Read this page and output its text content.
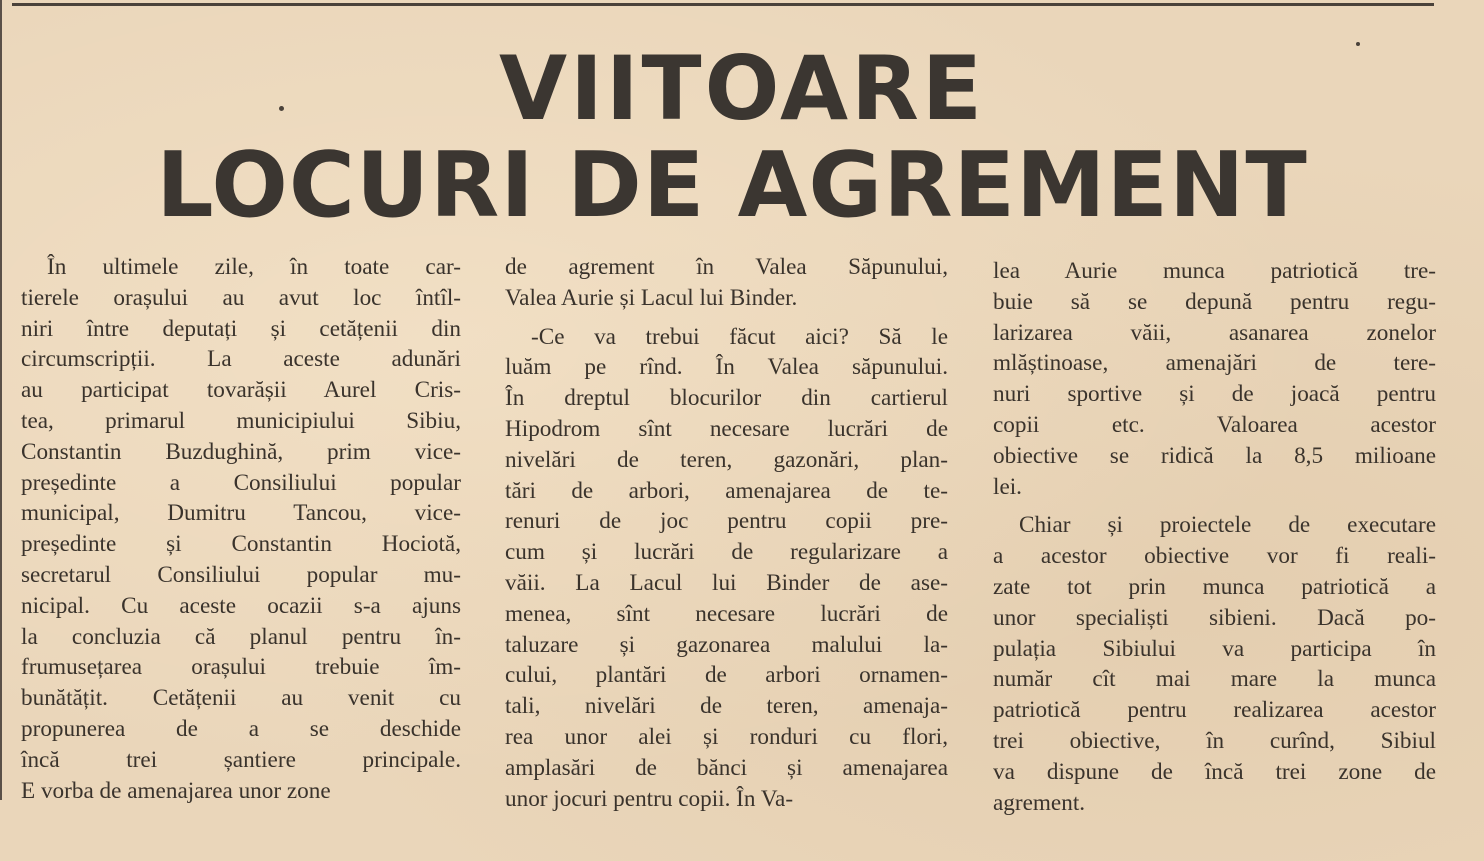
VIITOARE
LOCURI DE AGREMENT
În ultimele zile, în toate car-
tierele orașului au avut loc întîl-
niri între deputați și cetățenii din
circumscripții. La aceste adunări
au participat tovarășii Aurel Cris-
tea, primarul municipiului Sibiu,
Constantin Buzdughină, prim vice-
președinte a Consiliului popular
municipal, Dumitru Tancou, vice-
președinte și Constantin Hociotă,
secretarul Consiliului popular mu-
nicipal. Cu aceste ocazii s-a ajuns
la concluzia că planul pentru în-
frumusețarea orașului trebuie îm-
bunătățit. Cetățenii au venit cu
propunerea de a se deschide
încă trei șantiere principale.
E vorba de amenajarea unor zone
de agrement în Valea Săpunului,
Valea Aurie și Lacul lui Binder.
-Ce va trebui făcut aici? Să le
luăm pe rînd. În Valea săpunului.
În dreptul blocurilor din cartierul
Hipodrom sînt necesare lucrări de
nivelări de teren, gazonări, plan-
tări de arbori, amenajarea de te-
renuri de joc pentru copii pre-
cum și lucrări de regularizare a
văii. La Lacul lui Binder de ase-
menea, sînt necesare lucrări de
taluzare și gazonarea malului la-
cului, plantări de arbori ornamen-
tali, nivelări de teren, amenaja-
rea unor alei și ronduri cu flori,
amplasări de bănci și amenajarea
unor jocuri pentru copii. În Va-
lea Aurie munca patriotică tre-
buie să se depună pentru regu-
larizarea văii, asanarea zonelor
mlăștinoase, amenajări de tere-
nuri sportive și de joacă pentru
copii etc. Valoarea acestor
obiective se ridică la 8,5 milioane
lei.
Chiar și proiectele de executare
a acestor obiective vor fi reali-
zate tot prin munca patriotică a
unor specialiști sibieni. Dacă po-
pulația Sibiului va participa în
număr cît mai mare la munca
patriotică pentru realizarea acestor
trei obiective, în curînd, Sibiul
va dispune de încă trei zone de
agrement.
